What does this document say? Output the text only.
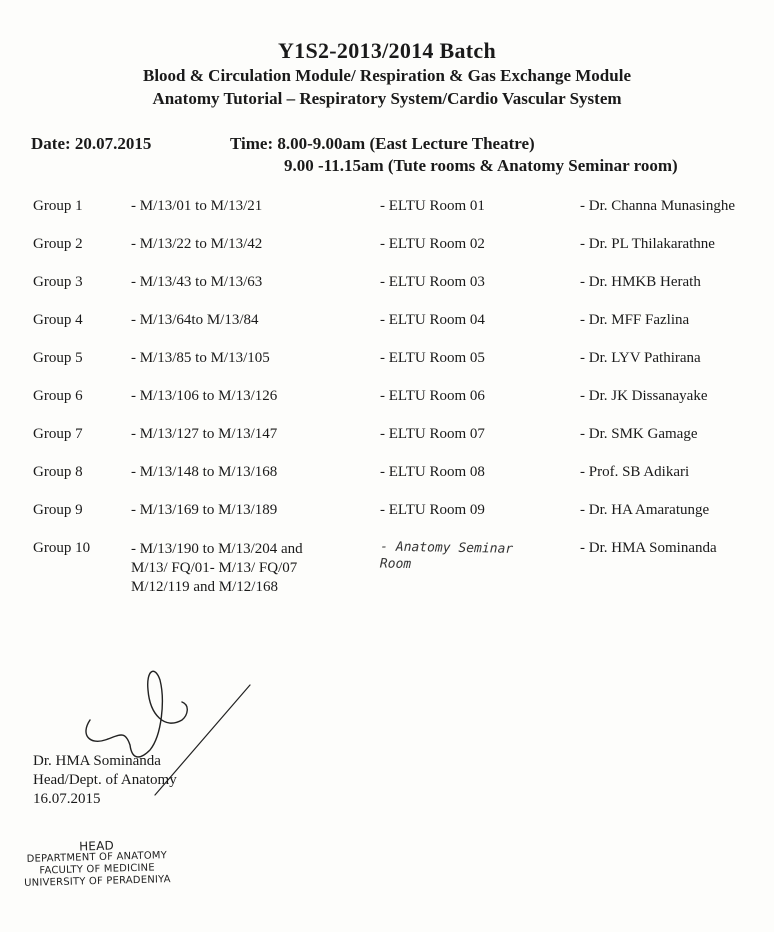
Y1S2-2013/2014 Batch
Blood & Circulation Module/ Respiration & Gas Exchange Module
Anatomy Tutorial – Respiratory System/Cardio Vascular System
Date: 20.07.2015	Time: 8.00-9.00am (East Lecture Theatre)
9.00 -11.15am (Tute rooms & Anatomy Seminar room)
Group 1	- M/13/01 to M/13/21	- ELTU Room 01	- Dr. Channa Munasinghe
Group 2	- M/13/22 to M/13/42	- ELTU Room 02	- Dr. PL Thilakarathne
Group 3	- M/13/43 to M/13/63	- ELTU Room 03	- Dr. HMKB Herath
Group 4	- M/13/64to M/13/84	- ELTU Room 04	- Dr. MFF Fazlina
Group 5	- M/13/85 to M/13/105	- ELTU Room 05	- Dr. LYV Pathirana
Group 6	- M/13/106 to M/13/126	- ELTU Room 06	- Dr. JK Dissanayake
Group 7	- M/13/127 to M/13/147	- ELTU Room 07	- Dr. SMK Gamage
Group 8	- M/13/148 to M/13/168	- ELTU Room 08	- Prof. SB Adikari
Group 9	- M/13/169 to M/13/189	- ELTU Room 09	- Dr. HA Amaratunge
Group 10	- M/13/190 to M/13/204 and
M/13/ FQ/01- M/13/ FQ/07
M/12/119 and M/12/168
- Anatomy Seminar Room
- Dr. HMA Sominanda
Dr. HMA Sominanda
Head/Dept. of Anatomy
16.07.2015
HEAD
DEPARTMENT OF ANATOMY
FACULTY OF MEDICINE
UNIVERSITY OF PERADENIYA
